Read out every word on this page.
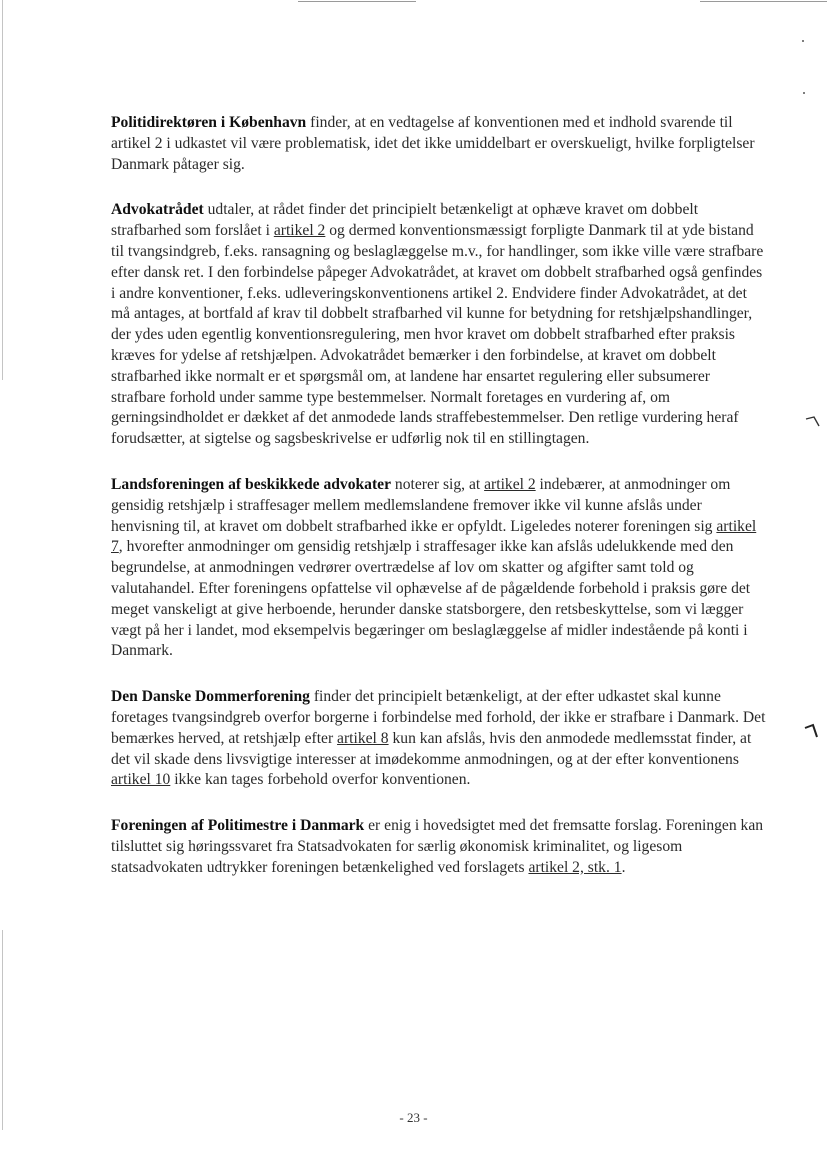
Politidirektøren i København finder, at en vedtagelse af konventionen med et indhold svarende til artikel 2 i udkastet vil være problematisk, idet det ikke umiddelbart er overskueligt, hvilke forpligtelser Danmark påtager sig.

Advokatrådet udtaler, at rådet finder det principielt betænkeligt at ophæve kravet om dobbelt strafbarhed som forslået i artikel 2 og dermed konventionsmæssigt forpligte Danmark til at yde bistand til tvangsindgreb, f.eks. ransagning og beslaglæggelse m.v., for handlinger, som ikke ville være strafbare efter dansk ret. I den forbindelse påpeger Advokatrådet, at kravet om dobbelt strafbarhed også genfindes i andre konventioner, f.eks. udleveringskonventionens artikel 2. Endvidere finder Advokatrådet, at det må antages, at bortfald af krav til dobbelt strafbarhed vil kunne for betydning for retshjælpshandlinger, der ydes uden egentlig konventionsregulering, men hvor kravet om dobbelt strafbarhed efter praksis kræves for ydelse af retshjælpen. Advokatrådet bemærker i den forbindelse, at kravet om dobbelt strafbarhed ikke normalt er et spørgsmål om, at landene har ensartet regulering eller subsumerer strafbare forhold under samme type bestemmelser. Normalt foretages en vurdering af, om gerningsindholdet er dækket af det anmodede lands straffebestemmelser. Den retlige vurdering heraf forudsætter, at sigtelse og sagsbeskrivelse er udførlig nok til en stillingtagen.

Landsforeningen af beskikkede advokater noterer sig, at artikel 2 indebærer, at anmodninger om gensidig retshjælp i straffesager mellem medlemslandene fremover ikke vil kunne afslås under henvisning til, at kravet om dobbelt strafbarhed ikke er opfyldt. Ligeledes noterer foreningen sig artikel 7, hvorefter anmodninger om gensidig retshjælp i straffesager ikke kan afslås udelukkende med den begrundelse, at anmodningen vedrører overtrædelse af lov om skatter og afgifter samt told og valutahandel. Efter foreningens opfattelse vil ophævelse af de pågældende forbehold i praksis gøre det meget vanskeligt at give herboende, herunder danske statsborgere, den retsbeskyttelse, som vi lægger vægt på her i landet, mod eksempelvis begæringer om beslaglæggelse af midler indestående på konti i Danmark.

Den Danske Dommerforening finder det principielt betænkeligt, at der efter udkastet skal kunne foretages tvangsindgreb overfor borgerne i forbindelse med forhold, der ikke er strafbare i Danmark. Det bemærkes herved, at retshjælp efter artikel 8 kun kan afslås, hvis den anmodede medlemsstat finder, at det vil skade dens livsvigtige interesser at imødekomme anmodningen, og at der efter konventionens artikel 10 ikke kan tages forbehold overfor konventionen.

Foreningen af Politimestre i Danmark er enig i hovedsigtet med det fremsatte forslag. Foreningen kan tilsluttet sig høringssvaret fra Statsadvokaten for særlig økonomisk kriminalitet, og ligesom statsadvokaten udtrykker foreningen betænkelighed ved forslagets artikel 2, stk. 1.

- 23 -
